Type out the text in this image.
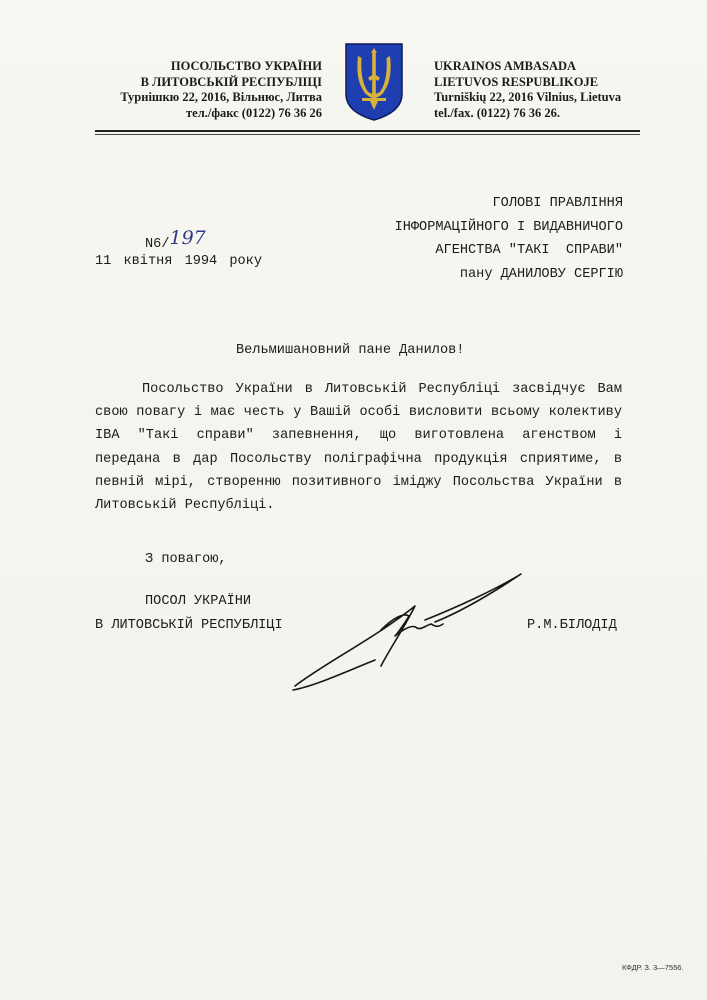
ПОСОЛЬСТВО УКРАЇНИ
В ЛИТОВСЬКІЙ РЕСПУБЛІЦІ
Турнішкю 22, 2016, Вільнюс, Литва
тел./факс (0122) 76 36 26
UKRAINOS AMBASADA
LIETUVOS RESPUBLIKOJE
Turniškių 22, 2016 Vilnius, Lietuva
tel./fax. (0122) 76 36 26.
ГОЛОВІ ПРАВЛІННЯ
ІНФОРМАЦІЙНОГО І ВИДАВНИЧОГО
АГЕНСТВА "ТАКІ  СПРАВИ"
пану ДАНИЛОВУ СЕРГІЮ
N6/197
11 квітня 1994 року
Вельмишановний пане Данилов!
Посольство України в Литовській Республіці засвідчує Вам свою повагу і має честь у Вашій особі висловити всьому колективу ІВА "Такі справи" запевнення, що виготовлена агенством і передана в дар Посольству поліграфічна продукція сприятиме, в певній мірі, створенню позитивного іміджу Посольства України в Литовській Республіці.
З повагою,
ПОСОЛ УКРАЇНИ
В ЛИТОВСЬКІЙ РЕСПУБЛІЦІ	Р.М.БІЛОДІД
КФДР. З. 3—7556.
